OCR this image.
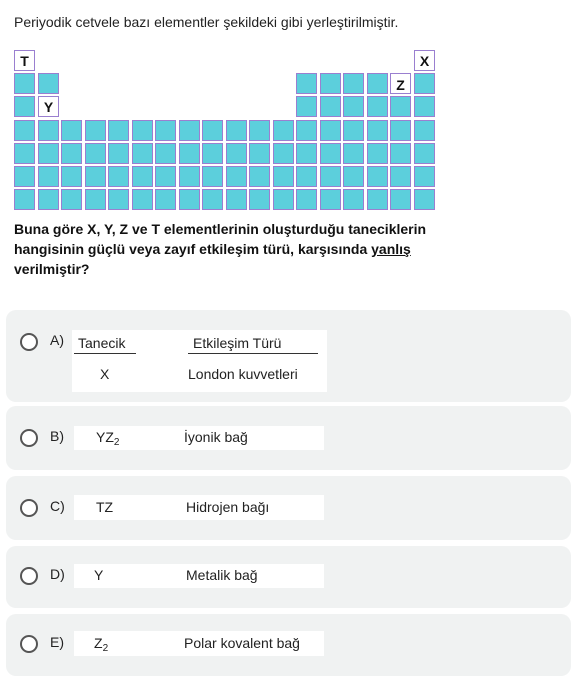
Periyodik cetvele bazı elementler şekildeki gibi yerleştirilmiştir.
T	X
Z
Y
Buna göre X, Y, Z ve T elementlerinin oluşturduğu taneciklerin hangisinin güçlü veya zayıf etkileşim türü, karşısında yanlış verilmiştir?
A) Tanecik	Etkileşim Türü
X	London kuvvetleri
B) $YZ_2$	İyonik bağ
C) TZ	Hidrojen bağı
D) Y	Metalik bağ
E) $Z_2$	Polar kovalent bağ
